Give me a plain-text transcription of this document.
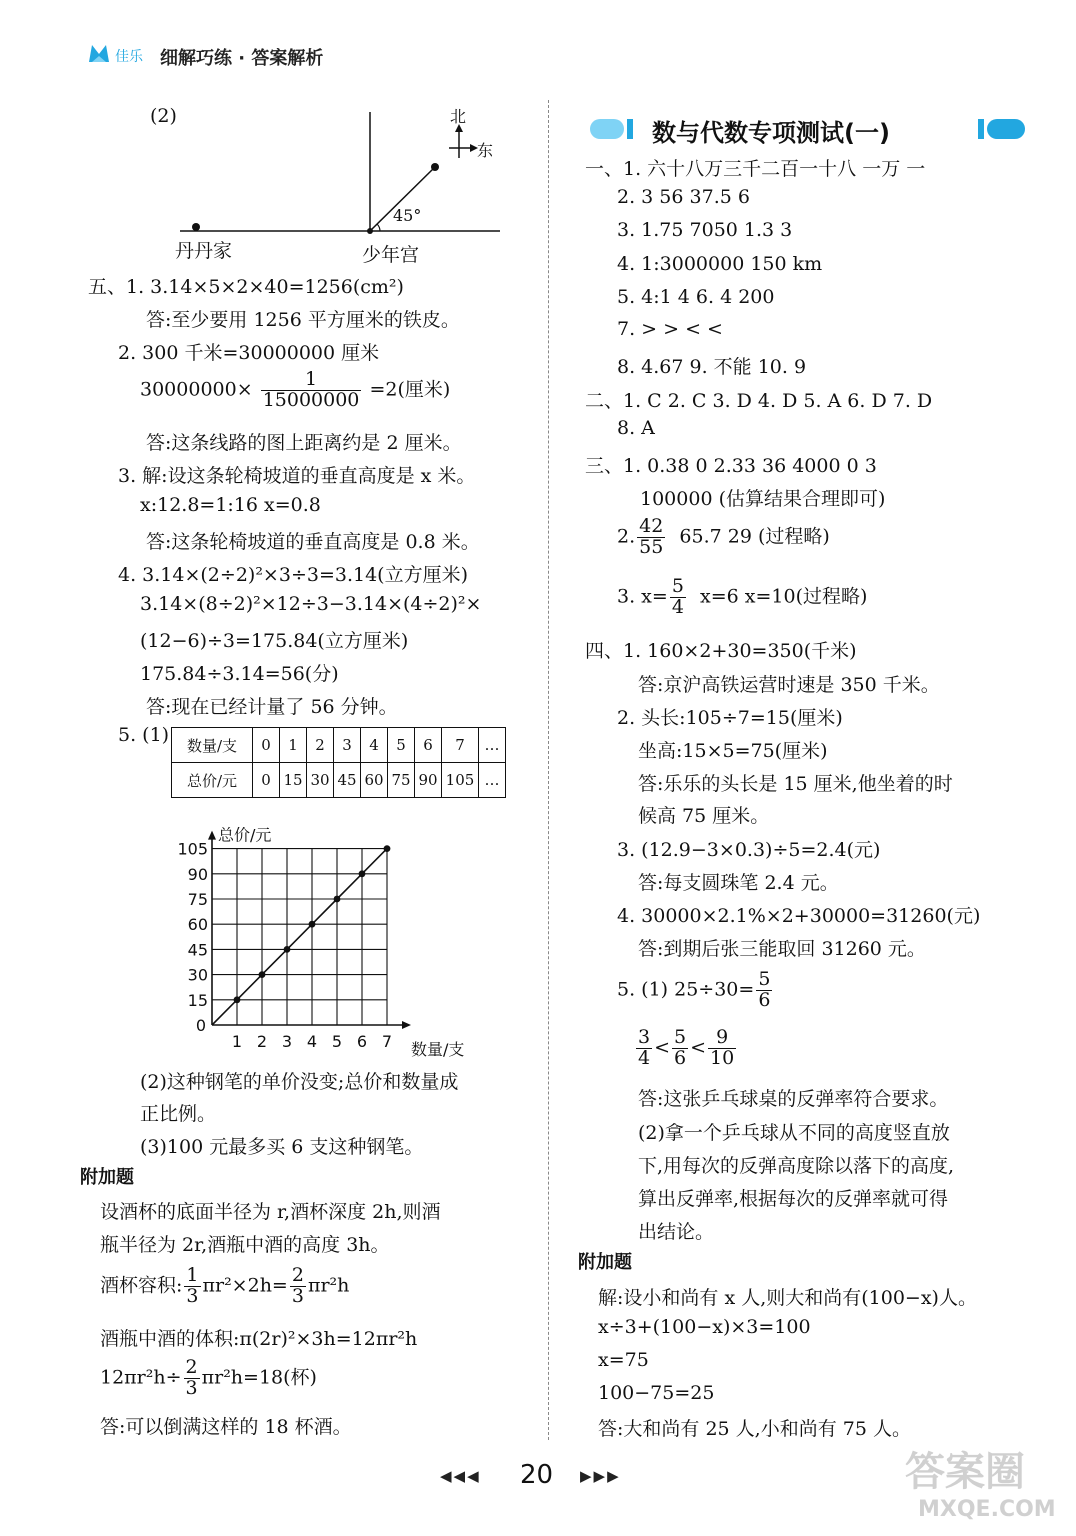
佳乐 细解巧练 · 答案解析
(2)	北
东
45°
丹丹家	少年宫
五、1. 3.14×5×2×40=1256(cm²)
答:至少要用 1256 平方厘米的铁皮。
2. 300 千米=30000000 厘米
$30000000\times \frac{1}{15000000} =2$(厘米)
答:这条线路的图上距离约是 2 厘米。
3. 解:设这条轮椅坡道的垂直高度是 x 米。
x:12.8=1:16 x=0.8
答:这条轮椅坡道的垂直高度是 0.8 米。
4. 3.14×(2÷2)²×3÷3=3.14(立方厘米)
3.14×(8÷2)²×12÷3−3.14×(4÷2)²×
(12−6)÷3=175.84(立方厘米)
175.84÷3.14=56(分)
答:现在已经计量了 56 分钟。
5. (1) 数量/支	0	1	2	3	4	5	6	7	…
总价/元	0	15	30	45	60	75	90	105	…
15
30
45
60
75
90
105
0
1 2 3 4 5 6 7
总价/元
数量/支
(2)这种钢笔的单价没变;总价和数量成
正比例。
(3)100 元最多买 6 支这种钢笔。
附加题
设酒杯的底面半径为 r,酒杯深度 2h,则酒
瓶半径为 2r,酒瓶中酒的高度 3h。
酒杯容积: $\frac{1}{3} \pi r^2\times 2h= \frac{2}{3} \pi r^2h$
酒瓶中酒的体积:π(2r)²×3h=12πr²h
$12\pi r^2h\div \frac{2}{3} \pi r^2h=18$(杯)
答:可以倒满这样的 18 杯酒。
数与代数专项测试(一)
一、1. 六十八万三千二百一十八 一万 一
2. 3 56 37.5 6
3. 1.75 7050 1.3 3
4. 1:3000000 150 km
5. 4:1 4 6. 4 200
7. > > < <
8. 4.67 9. 不能 10. 9
二、1. C 2. C 3. D 4. D 5. A 6. D 7. D
8. A
三、1. 0.38 0 2.33 36 4000 0 3
100000 (估算结果合理即可)
2. $\frac{42}{55} 65.7$ 29 (过程略)
3. $x= \frac{5}{4} x=6$ x=10(过程略)
四、1. 160×2+30=350(千米)
答:京沪高铁运营时速是 350 千米。
2. 头长:105÷7=15(厘米)
坐高:15×5=75(厘米)
答:乐乐的头长是 15 厘米,他坐着的时
候高 75 厘米。
3. (12.9−3×0.3)÷5=2.4(元)
答:每支圆珠笔 2.4 元。
4. 30000×2.1%×2+30000=31260(元)
答:到期后张三能取回 31260 元。
5. (1) $25\div 30= \frac{5}{6}$
$\frac{3}{4} < \frac{5}{6} < \frac{9}{10}$
答:这张乒乓球桌的反弹率符合要求。
(2)拿一个乒乓球从不同的高度竖直放
下,用每次的反弹高度除以落下的高度,
算出反弹率,根据每次的反弹率就可得
出结论。
附加题
解:设小和尚有 x 人,则大和尚有(100−x)人。
x÷3+(100−x)×3=100
x=75
100−75=25
答:大和尚有 25 人,小和尚有 75 人。
◀◀◀ 20 ▶▶▶	答案圈
MXQE.COM
